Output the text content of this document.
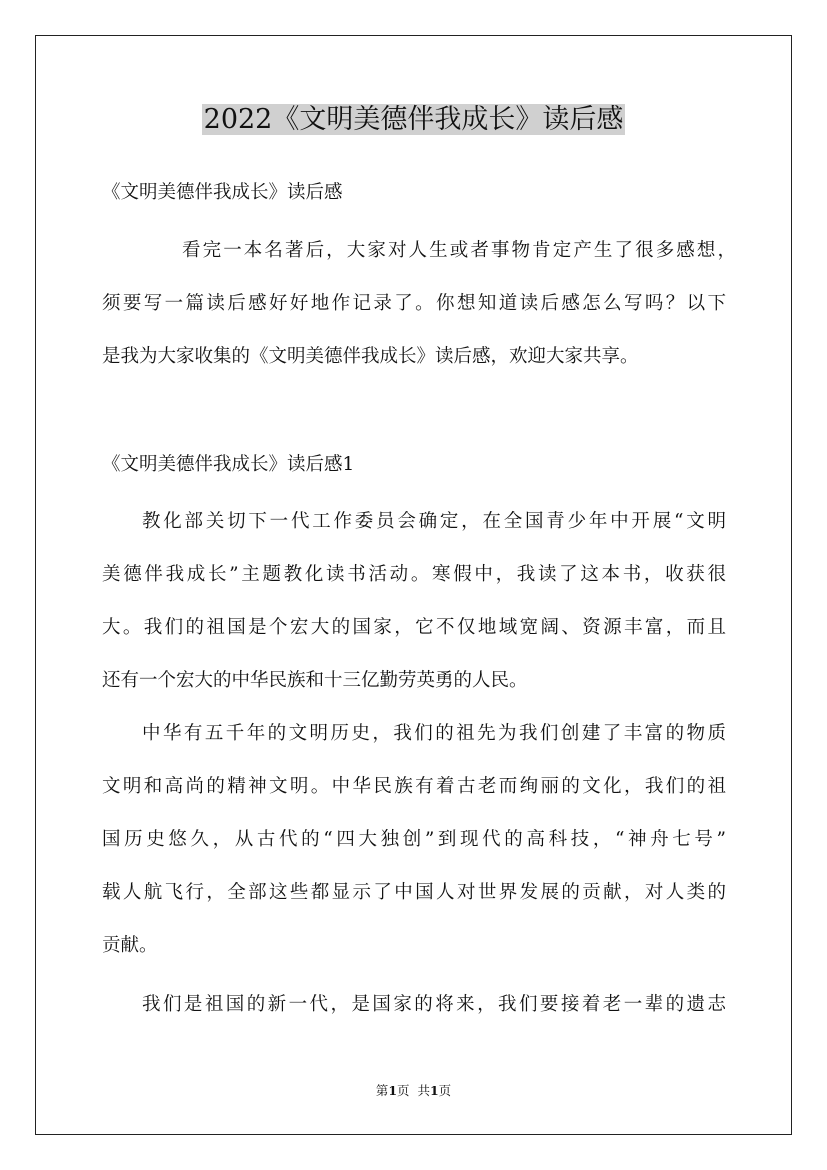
2022《文明美德伴我成长》读后感

《文明美德伴我成长》读后感

看完一本名著后，大家对人生或者事物肯定产生了很多感想，

须要写一篇读后感好好地作记录了。你想知道读后感怎么写吗？以下

是我为大家收集的《文明美德伴我成长》读后感，欢迎大家共享。

《文明美德伴我成长》读后感1

教化部关切下一代工作委员会确定，在全国青少年中开展“文明

美德伴我成长”主题教化读书活动。寒假中，我读了这本书，收获很

大。我们的祖国是个宏大的国家，它不仅地域宽阔、资源丰富，而且

还有一个宏大的中华民族和十三亿勤劳英勇的人民。

中华有五千年的文明历史，我们的祖先为我们创建了丰富的物质

文明和高尚的精神文明。中华民族有着古老而绚丽的文化，我们的祖

国历史悠久，从古代的“四大独创”到现代的高科技，“神舟七号”

载人航飞行，全部这些都显示了中国人对世界发展的贡献，对人类的

贡献。

我们是祖国的新一代，是国家的将来，我们要接着老一辈的遗志

第1页  共1页
